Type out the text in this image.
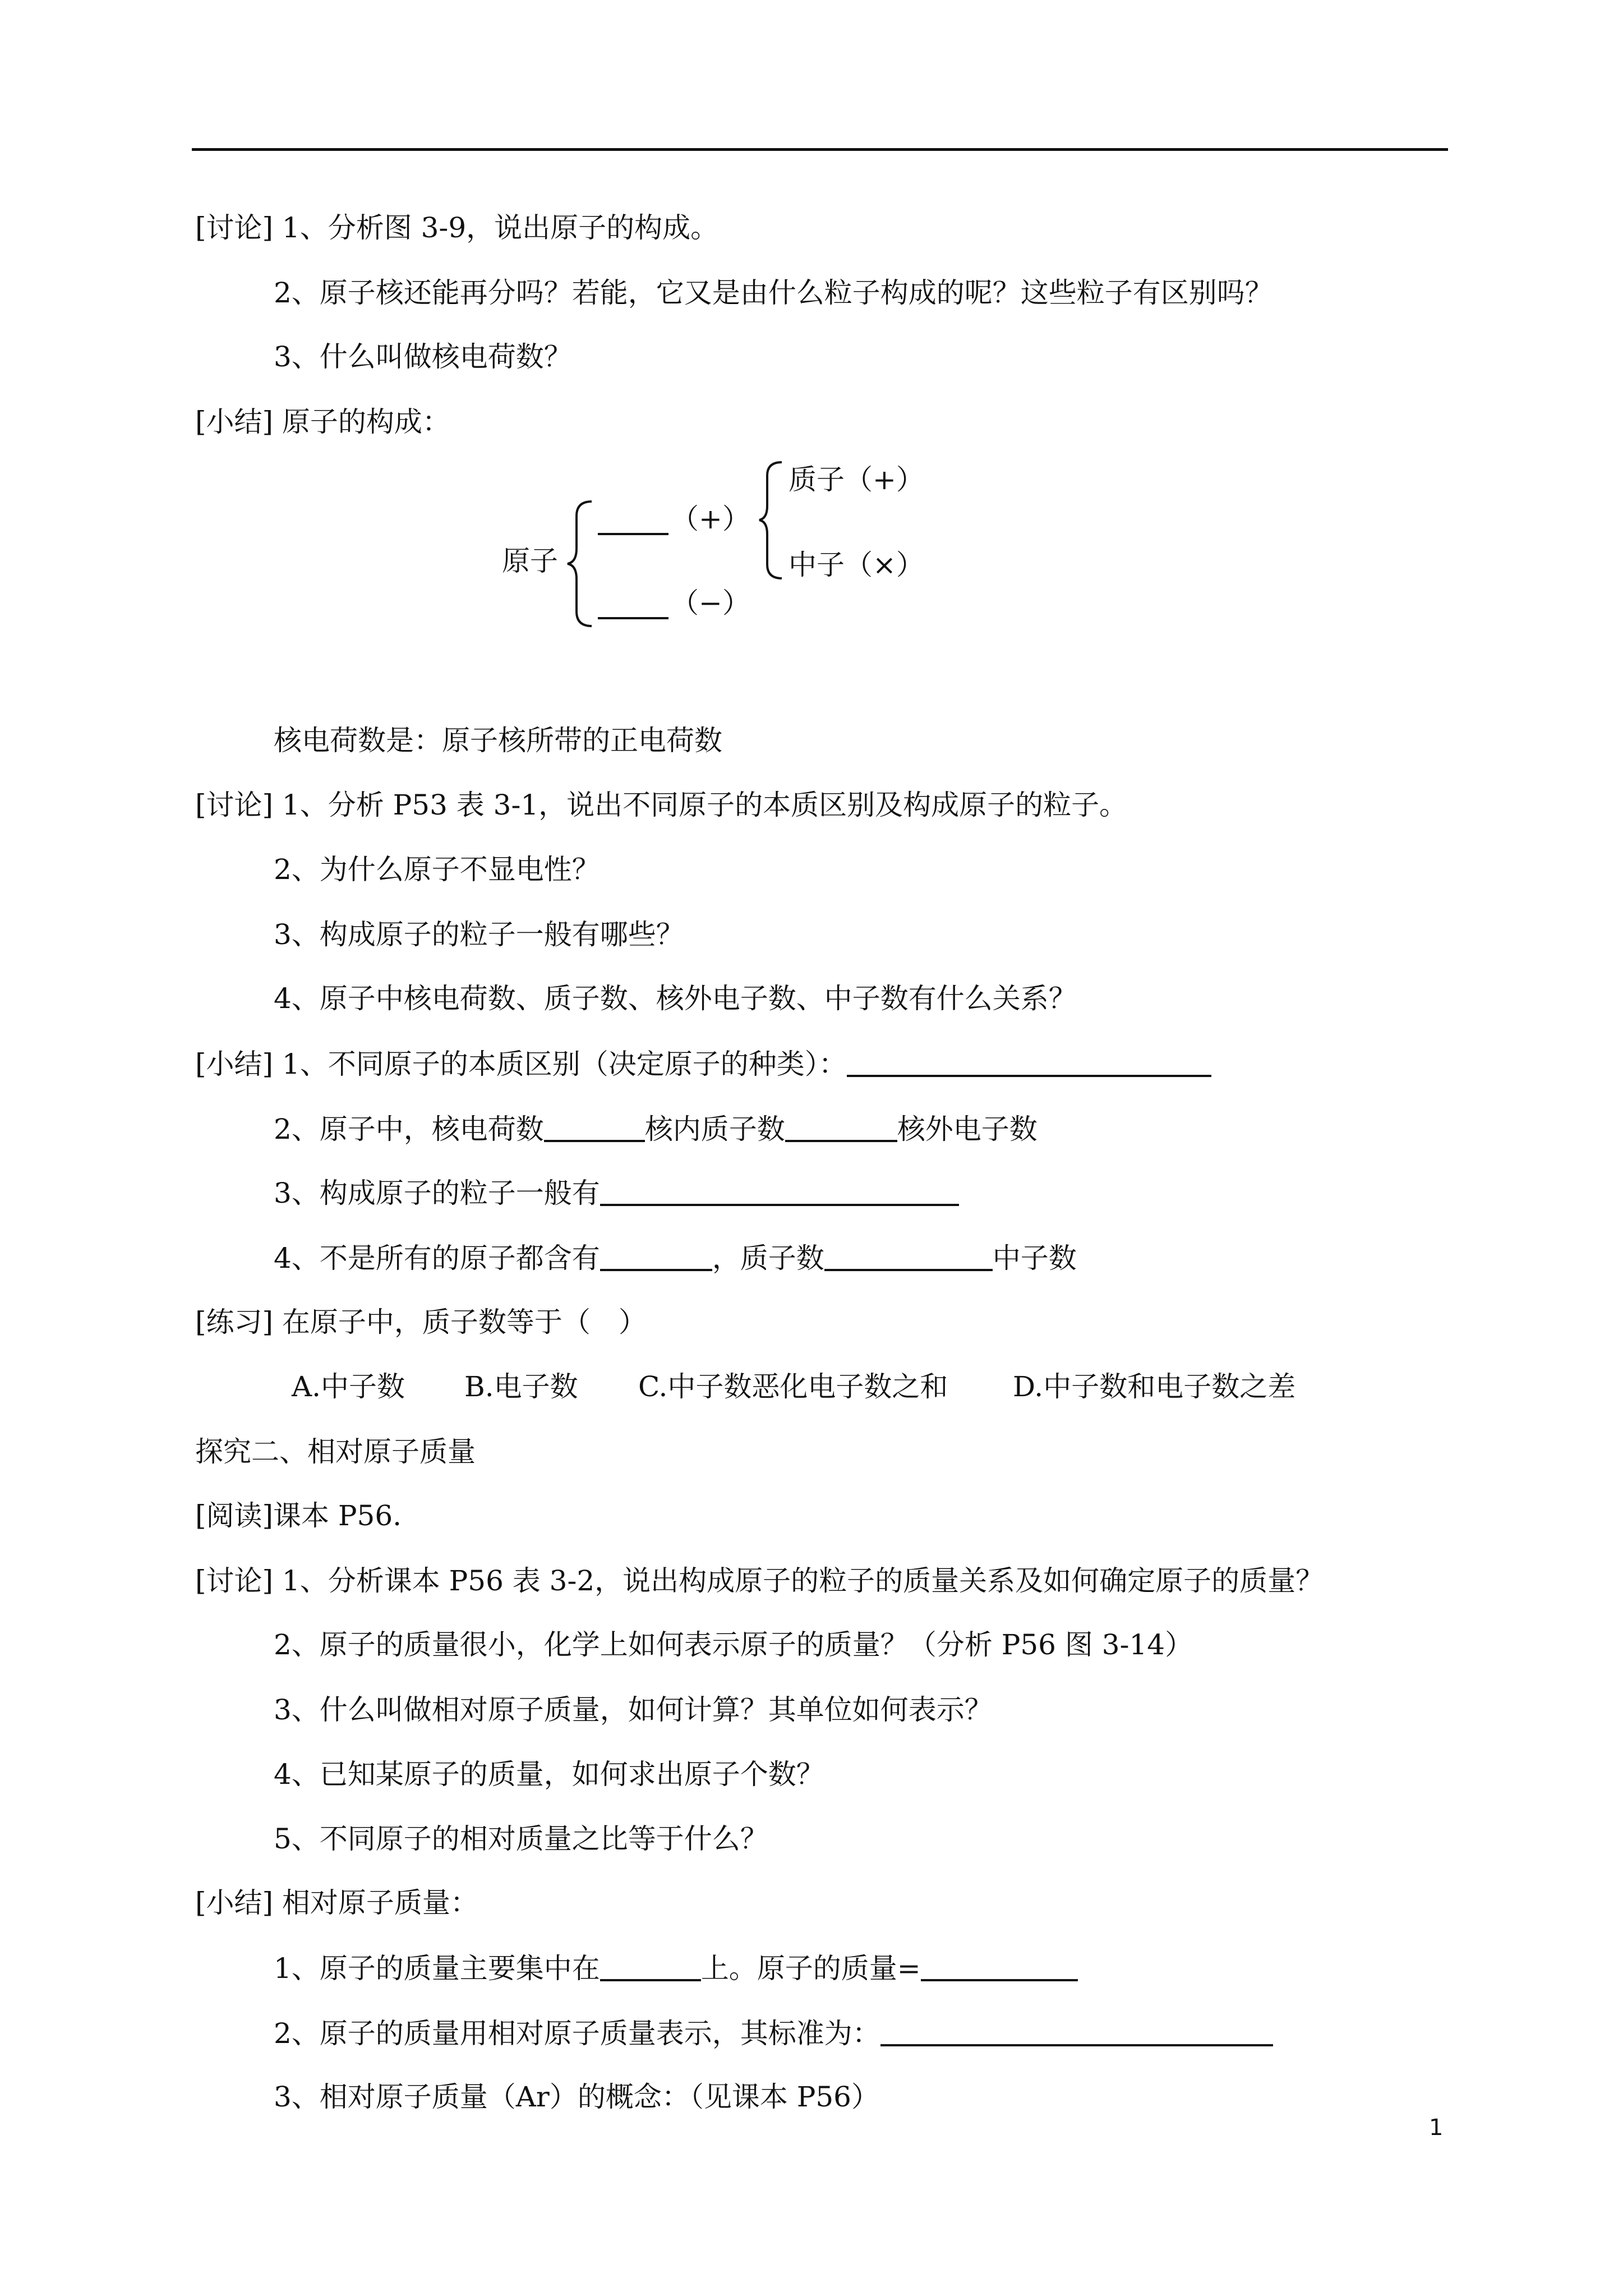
[讨论] 1、分析图 3-9，说出原子的构成。
2、原子核还能再分吗？若能，它又是由什么粒子构成的呢？这些粒子有区别吗？
3、什么叫做核电荷数？
[小结] 原子的构成：
原子
（+）
（−）
质子（+）
中子（×）
核电荷数是：原子核所带的正电荷数
[讨论] 1、分析 P53 表 3-1，说出不同原子的本质区别及构成原子的粒子。
2、为什么原子不显电性？
3、构成原子的粒子一般有哪些？
4、原子中核电荷数、质子数、核外电子数、中子数有什么关系？
[小结] 1、不同原子的本质区别（决定原子的种类）：
2、原子中，核电荷数	核内质子数	核外电子数
3、构成原子的粒子一般有
4、不是所有的原子都含有	，质子数	中子数
[练习] 在原子中，质子数等于（　）
A.中子数 B.电子数 C.中子数恶化电子数之和 D.中子数和电子数之差
探究二、相对原子质量
[阅读]课本 P56.
[讨论] 1、分析课本 P56 表 3-2，说出构成原子的粒子的质量关系及如何确定原子的质量？
2、原子的质量很小，化学上如何表示原子的质量？（分析 P56 图 3-14）
3、什么叫做相对原子质量，如何计算？其单位如何表示？
4、已知某原子的质量，如何求出原子个数？
5、不同原子的相对质量之比等于什么？
[小结] 相对原子质量：
1、原子的质量主要集中在	上。原子的质量=
2、原子的质量用相对原子质量表示，其标准为：
3、相对原子质量（Ar）的概念：（见课本 P56）
1
